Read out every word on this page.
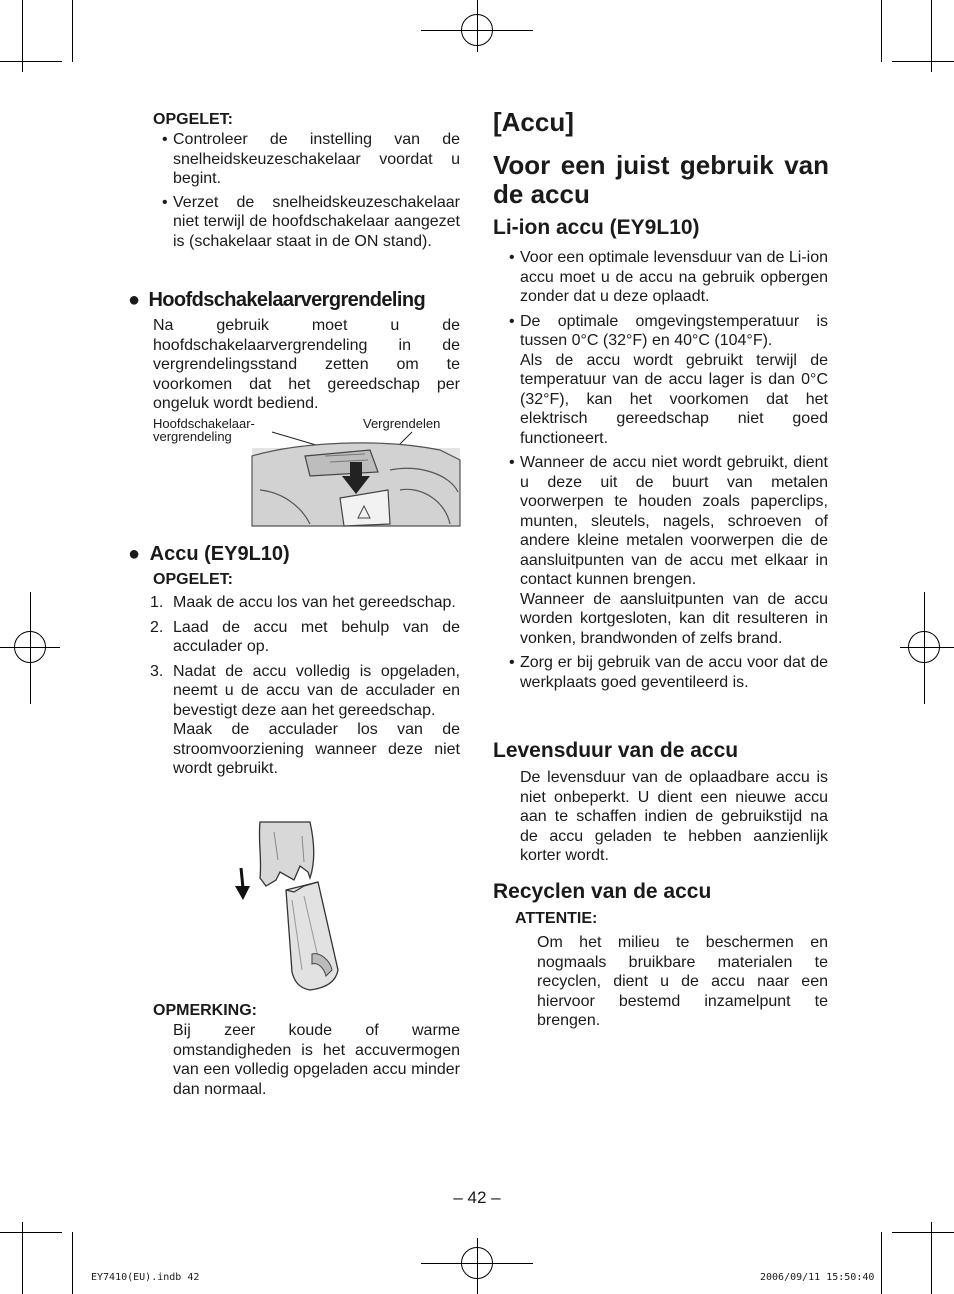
OPGELET:
• Controleer de instelling van de snelheidskeuzeschakelaar voordat u begint.
• Verzet de snelheidskeuzeschakelaar niet terwijl de hoofdschakelaar aangezet is (schakelaar staat in de ON stand).
● Hoofdschakelaarvergrendeling

Na gebruik moet u de hoofdschakelaarvergrendeling in de vergrendelingsstand zetten om te voorkomen dat het gereedschap per ongeluk wordt bediend.

Hoofdschakelaar-
vergrendeling
Vergrendelen
● Accu (EY9L10)
OPGELET:
1. Maak de accu los van het gereedschap.
2. Laad de accu met behulp van de acculader op.
3. Nadat de accu volledig is opgeladen, neemt u de accu van de acculader en bevestigt deze aan het gereedschap.
Maak de acculader los van de stroomvoorziening wanneer deze niet wordt gebruikt.
OPMERKING:

Bij zeer koude of warme omstandigheden is het accuvermogen van een volledig opgeladen accu minder dan normaal.

[Accu]
Voor een juist gebruik van de accu
Li-ion accu (EY9L10)
• Voor een optimale levensduur van de Li-ion accu moet u de accu na gebruik opbergen zonder dat u deze oplaadt.
• De optimale omgevingstemperatuur is tussen 0°C (32°F) en 40°C (104°F).
Als de accu wordt gebruikt terwijl de temperatuur van de accu lager is dan 0°C (32°F), kan het voorkomen dat het elektrisch gereedschap niet goed functioneert.
• Wanneer de accu niet wordt gebruikt, dient u deze uit de buurt van metalen voorwerpen te houden zoals paperclips, munten, sleutels, nagels, schroeven of andere kleine metalen voorwerpen die de aansluitpunten van de accu met elkaar in contact kunnen brengen.
Wanneer de aansluitpunten van de accu worden kortgesloten, kan dit resulteren in vonken, brandwonden of zelfs brand.
• Zorg er bij gebruik van de accu voor dat de werkplaats goed geventileerd is.
Levensduur van de accu

De levensduur van de oplaadbare accu is niet onbeperkt. U dient een nieuwe accu aan te schaffen indien de gebruikstijd na de accu geladen te hebben aanzienlijk korter wordt.

Recyclen van de accu
ATTENTIE:

Om het milieu te beschermen en nogmaals bruikbare materialen te recyclen, dient u de accu naar een hiervoor bestemd inzamelpunt te brengen.

– 42 –
EY7410(EU).indb 42	2006/09/11 15:50:40
